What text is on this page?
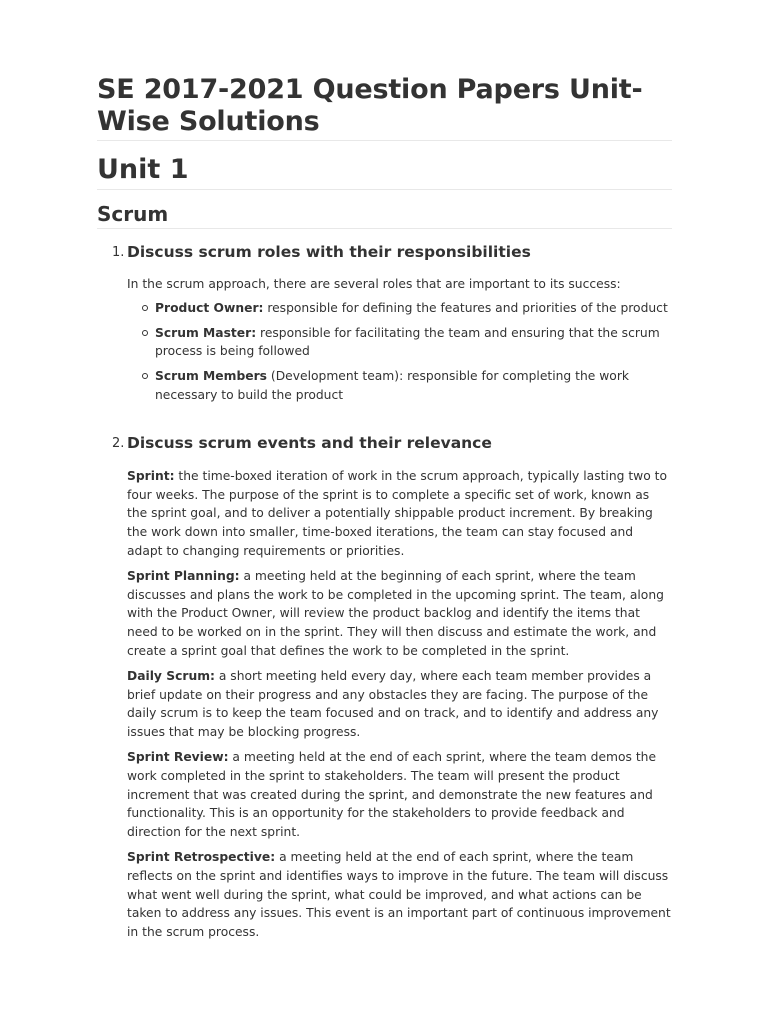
SE 2017-2021 Question Papers Unit-Wise Solutions
Unit 1
Scrum
1. Discuss scrum roles with their responsibilities

In the scrum approach, there are several roles that are important to its success:

Product Owner: responsible for defining the features and priorities of the product
Scrum Master: responsible for facilitating the team and ensuring that the scrum process is being followed
Scrum Members (Development team): responsible for completing the work necessary to build the product
2. Discuss scrum events and their relevance

Sprint: the time-boxed iteration of work in the scrum approach, typically lasting two to four weeks. The purpose of the sprint is to complete a specific set of work, known as the sprint goal, and to deliver a potentially shippable product increment. By breaking the work down into smaller, time-boxed iterations, the team can stay focused and adapt to changing requirements or priorities.

Sprint Planning: a meeting held at the beginning of each sprint, where the team discusses and plans the work to be completed in the upcoming sprint. The team, along with the Product Owner, will review the product backlog and identify the items that need to be worked on in the sprint. They will then discuss and estimate the work, and create a sprint goal that defines the work to be completed in the sprint.

Daily Scrum: a short meeting held every day, where each team member provides a brief update on their progress and any obstacles they are facing. The purpose of the daily scrum is to keep the team focused and on track, and to identify and address any issues that may be blocking progress.

Sprint Review: a meeting held at the end of each sprint, where the team demos the work completed in the sprint to stakeholders. The team will present the product increment that was created during the sprint, and demonstrate the new features and functionality. This is an opportunity for the stakeholders to provide feedback and direction for the next sprint.

Sprint Retrospective: a meeting held at the end of each sprint, where the team reflects on the sprint and identifies ways to improve in the future. The team will discuss what went well during the sprint, what could be improved, and what actions can be taken to address any issues. This event is an important part of continuous improvement in the scrum process.
